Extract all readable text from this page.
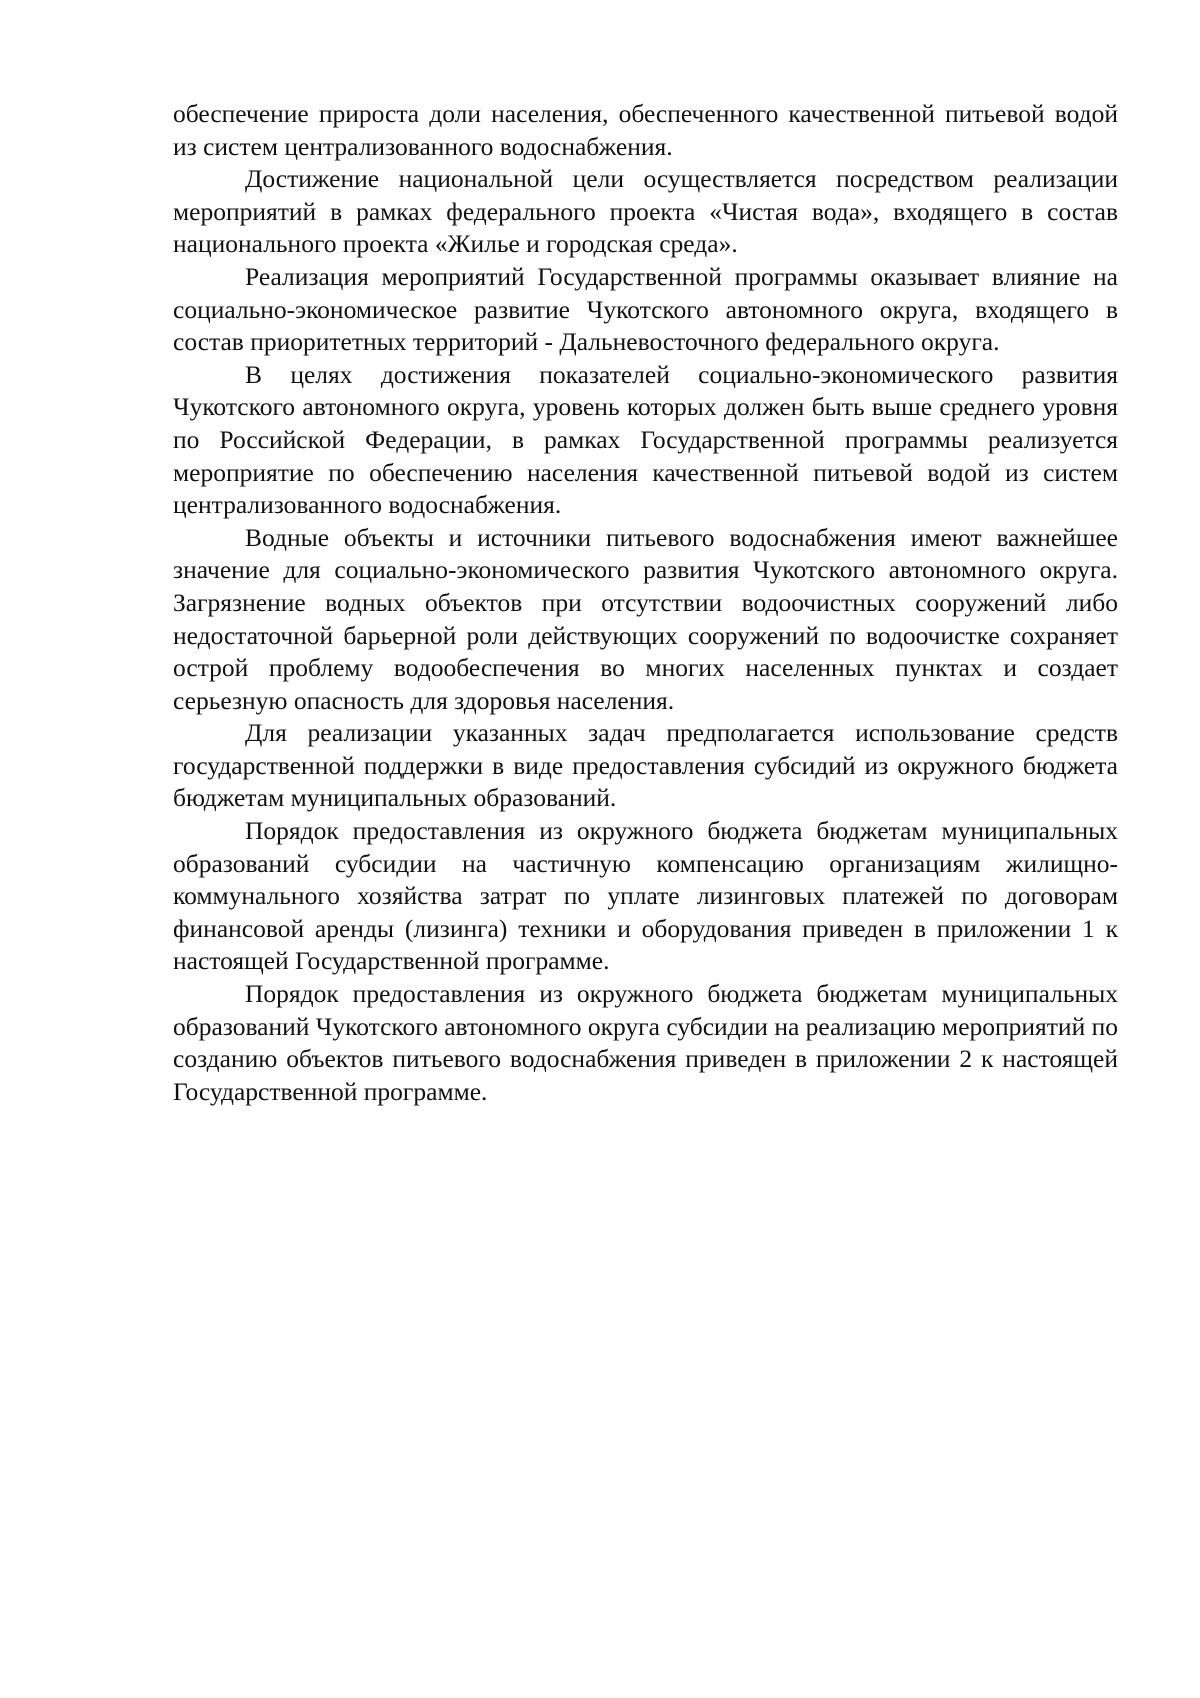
обеспечение прироста доли населения, обеспеченного качественной питьевой водой из систем централизованного водоснабжения.

Достижение национальной цели осуществляется посредством реализации мероприятий в рамках федерального проекта «Чистая вода», входящего в состав национального проекта «Жилье и городская среда».

Реализация мероприятий Государственной программы оказывает влияние на социально-экономическое развитие Чукотского автономного округа, входящего в состав приоритетных территорий - Дальневосточного федерального округа.

В целях достижения показателей социально-экономического развития Чукотского автономного округа, уровень которых должен быть выше среднего уровня по Российской Федерации, в рамках Государственной программы реализуется мероприятие по обеспечению населения качественной питьевой водой из систем централизованного водоснабжения.

Водные объекты и источники питьевого водоснабжения имеют важнейшее значение для социально-экономического развития Чукотского автономного округа. Загрязнение водных объектов при отсутствии водоочистных сооружений либо недостаточной барьерной роли действующих сооружений по водоочистке сохраняет острой проблему водообеспечения во многих населенных пунктах и создает серьезную опасность для здоровья населения.

Для реализации указанных задач предполагается использование средств государственной поддержки в виде предоставления субсидий из окружного бюджета бюджетам муниципальных образований.

Порядок предоставления из окружного бюджета бюджетам муниципальных образований субсидии на частичную компенсацию организациям жилищно-коммунального хозяйства затрат по уплате лизинговых платежей по договорам финансовой аренды (лизинга) техники и оборудования приведен в приложении 1 к настоящей Государственной программе.

Порядок предоставления из окружного бюджета бюджетам муниципальных образований Чукотского автономного округа субсидии на реализацию мероприятий по созданию объектов питьевого водоснабжения приведен в приложении 2 к настоящей Государственной программе.
